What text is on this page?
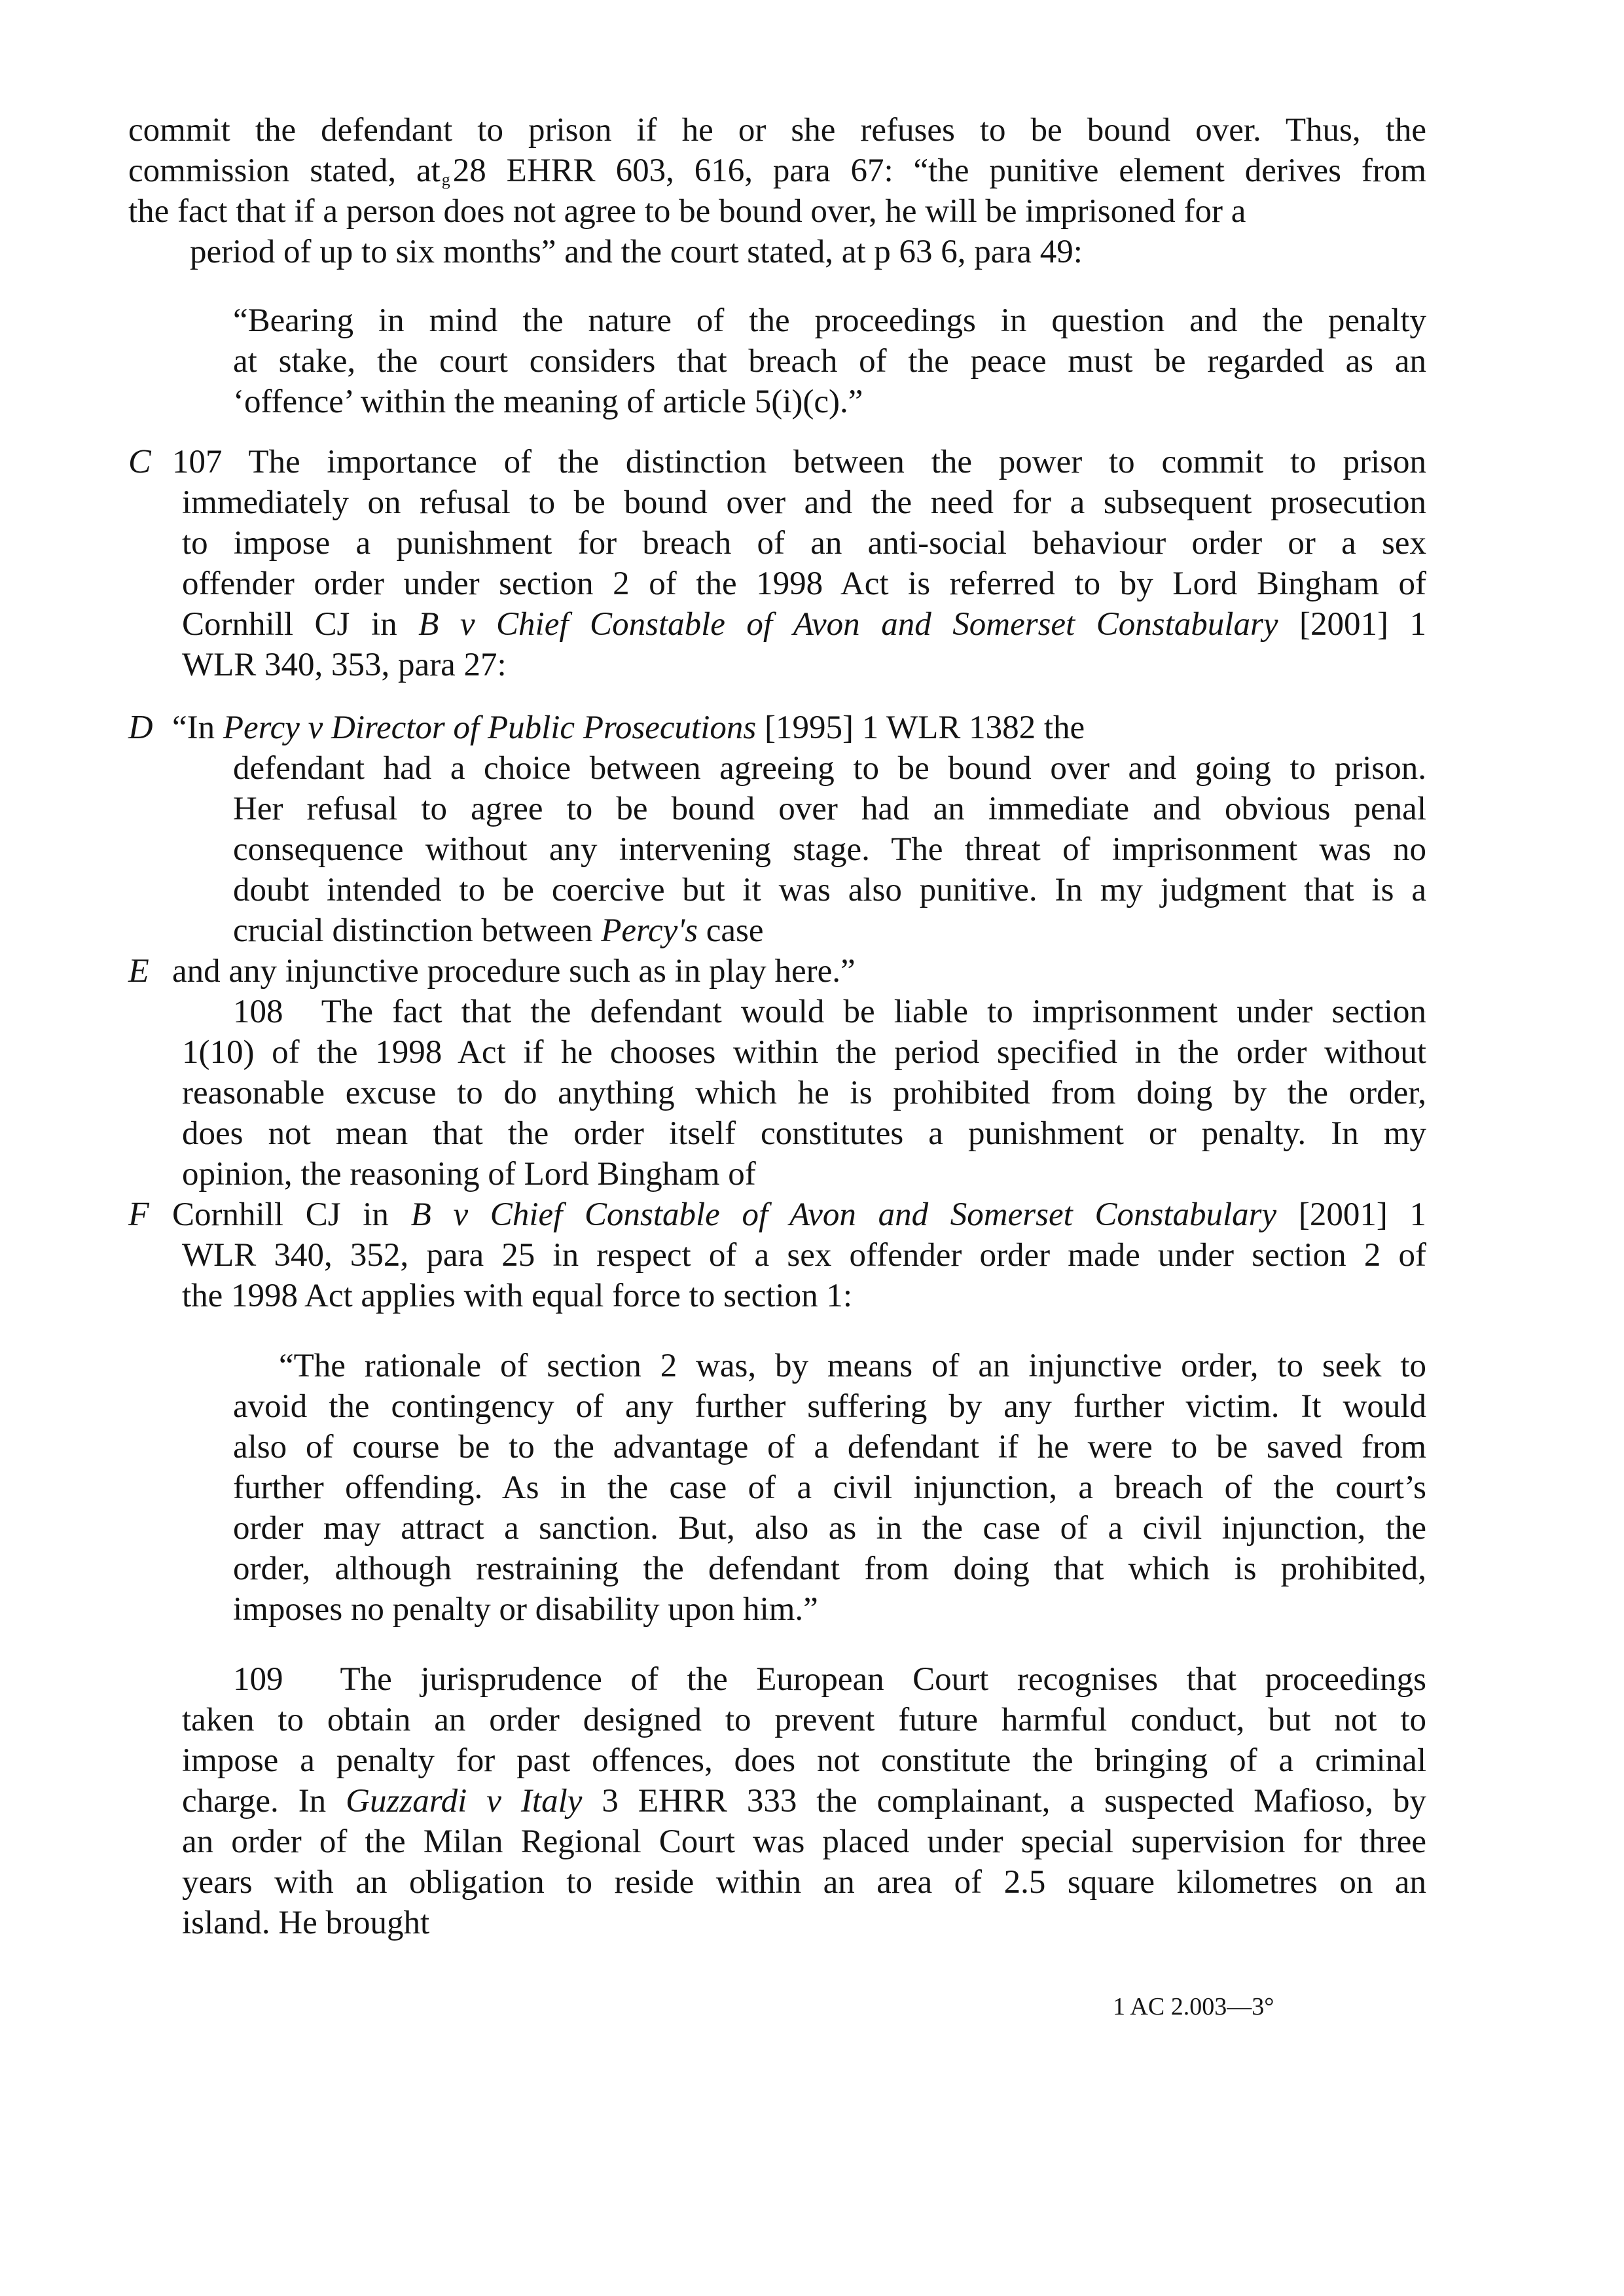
commit the defendant to prison if he or she refuses to be bound over. Thus, the
commission stated, atg28 EHRR 603, 616, para 67: “the punitive element derives from
the fact that if a person does not agree to be bound over, he will be imprisoned for a
period of up to six months” and the court stated, at p 63 6, para 49:
“Bearing in mind the nature of the proceedings in question and the penalty
at stake, the court considers that breach of the peace must be regarded as an
‘offence’ within the meaning of article 5(i)(c).”
C 107 The importance of the distinction between the power to commit to prison
immediately on refusal to be bound over and the need for a subsequent prosecution
to impose a punishment for breach of an anti-social behaviour order or a sex
offender order under section 2 of the 1998 Act is referred to by Lord Bingham of
Cornhill CJ in B v Chief Constable of Avon and Somerset Constabulary [2001] 1
WLR 340, 353, para 27:
D “In Percy v Director of Public Prosecutions [1995] 1 WLR 1382 the
defendant had a choice between agreeing to be bound over and going to prison.
Her refusal to agree to be bound over had an immediate and obvious penal
consequence without any intervening stage. The threat of imprisonment was no
doubt intended to be coercive but it was also punitive. In my judgment that is a
crucial distinction between Percy's case
E and any injunctive procedure such as in play here.”
108  The fact that the defendant would be liable to imprisonment under section
1(10) of the 1998 Act if he chooses within the period specified in the order without
reasonable excuse to do anything which he is prohibited from doing by the order,
does not mean that the order itself constitutes a punishment or penalty. In my
opinion, the reasoning of Lord Bingham of
F Cornhill CJ in B v Chief Constable of Avon and Somerset Constabulary [2001] 1
WLR 340, 352, para 25 in respect of a sex offender order made under section 2 of
the 1998 Act applies with equal force to section 1:
“The rationale of section 2 was, by means of an injunctive order, to seek to
avoid the contingency of any further suffering by any further victim. It would
also of course be to the advantage of a defendant if he were to be saved from
further offending. As in the case of a civil injunction, a breach of the court’s
order may attract a sanction. But, also as in the case of a civil injunction, the
order, although restraining the defendant from doing that which is prohibited,
imposes no penalty or disability upon him.”
109  The jurisprudence of the European Court recognises that proceedings
taken to obtain an order designed to prevent future harmful conduct, but not to
impose a penalty for past offences, does not constitute the bringing of a criminal
charge. In Guzzardi v Italy 3 EHRR 333 the complainant, a suspected Mafioso, by
an order of the Milan Regional Court was placed under special supervision for three
years with an obligation to reside within an area of 2.5 square kilometres on an
island. He brought
1 AC 2.003—3°
